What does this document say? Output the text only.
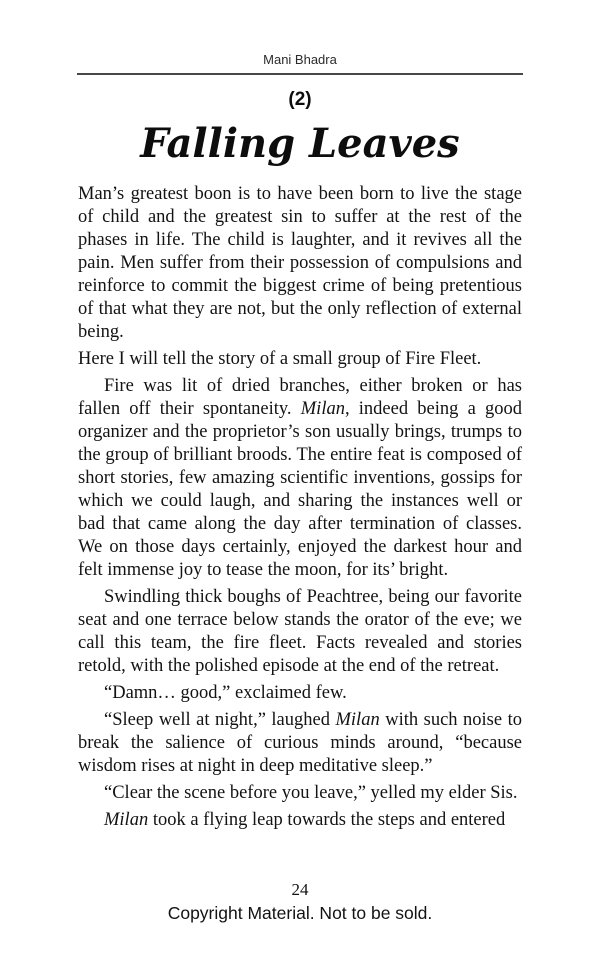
Mani Bhadra
(2)
Falling Leaves

Man’s greatest boon is to have been born to live the stage of child and the greatest sin to suffer at the rest of the phases in life. The child is laughter, and it revives all the pain. Men suffer from their possession of compulsions and reinforce to commit the biggest crime of being pretentious of that what they are not, but the only reflection of external being.

Here I will tell the story of a small group of Fire Fleet.

Fire was lit of dried branches, either broken or has fallen off their spontaneity. Milan, indeed being a good organizer and the proprietor’s son usually brings, trumps to the group of brilliant broods. The entire feat is composed of short stories, few amazing scientific inventions, gossips for which we could laugh, and sharing the instances well or bad that came along the day after termination of classes. We on those days certainly, enjoyed the darkest hour and felt immense joy to tease the moon, for its’ bright.

Swindling thick boughs of Peachtree, being our favorite seat and one terrace below stands the orator of the eve; we call this team, the fire fleet. Facts revealed and stories retold, with the polished episode at the end of the retreat.

“Damn… good,” exclaimed few.

“Sleep well at night,” laughed Milan with such noise to break the salience of curious minds around, “because wisdom rises at night in deep meditative sleep.”

“Clear the scene before you leave,” yelled my elder Sis.

Milan took a flying leap towards the steps and entered

24
Copyright Material. Not to be sold.
